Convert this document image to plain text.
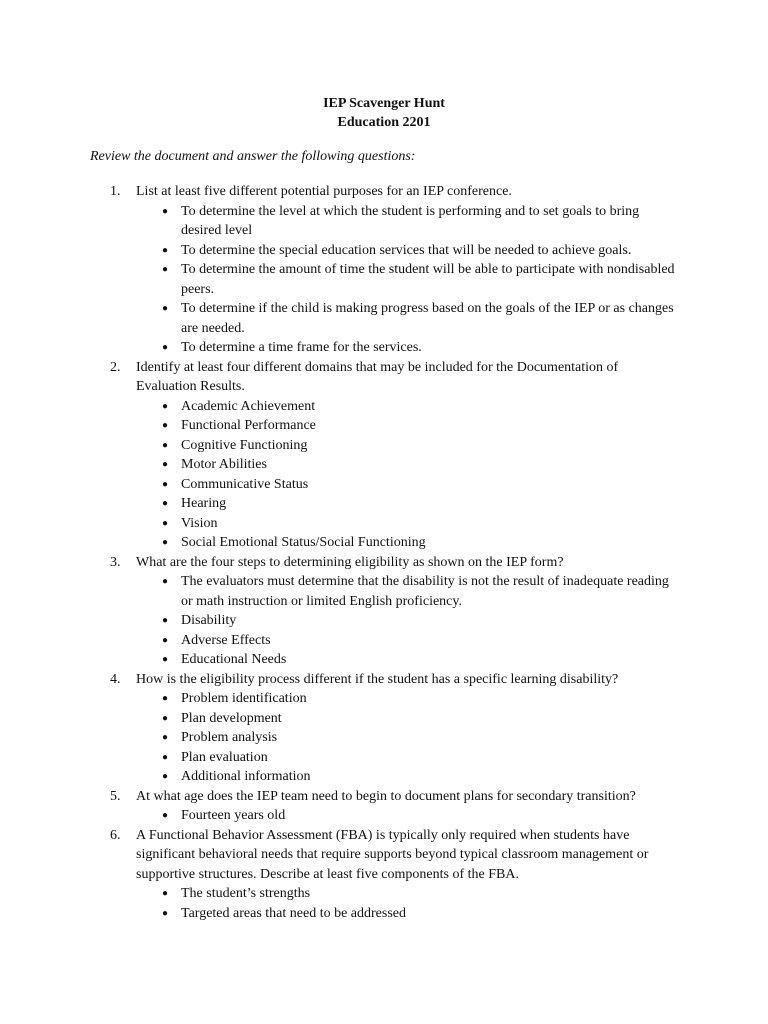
IEP Scavenger Hunt
Education 2201
Review the document and answer the following questions:
1. List at least five different potential purposes for an IEP conference.
● To determine the level at which the student is performing and to set goals to bring desired level
● To determine the special education services that will be needed to achieve goals.
● To determine the amount of time the student will be able to participate with nondisabled peers.
● To determine if the child is making progress based on the goals of the IEP or as changes are needed.
● To determine a time frame for the services.
2. Identify at least four different domains that may be included for the Documentation of Evaluation Results.
● Academic Achievement
● Functional Performance
● Cognitive Functioning
● Motor Abilities
● Communicative Status
● Hearing
● Vision
● Social Emotional Status/Social Functioning
3. What are the four steps to determining eligibility as shown on the IEP form?
● The evaluators must determine that the disability is not the result of inadequate reading or math instruction or limited English proficiency.
● Disability
● Adverse Effects
● Educational Needs
4. How is the eligibility process different if the student has a specific learning disability?
● Problem identification
● Plan development
● Problem analysis
● Plan evaluation
● Additional information
5. At what age does the IEP team need to begin to document plans for secondary transition?
● Fourteen years old
6. A Functional Behavior Assessment (FBA) is typically only required when students have significant behavioral needs that require supports beyond typical classroom management or supportive structures. Describe at least five components of the FBA.
● The student’s strengths
● Targeted areas that need to be addressed
